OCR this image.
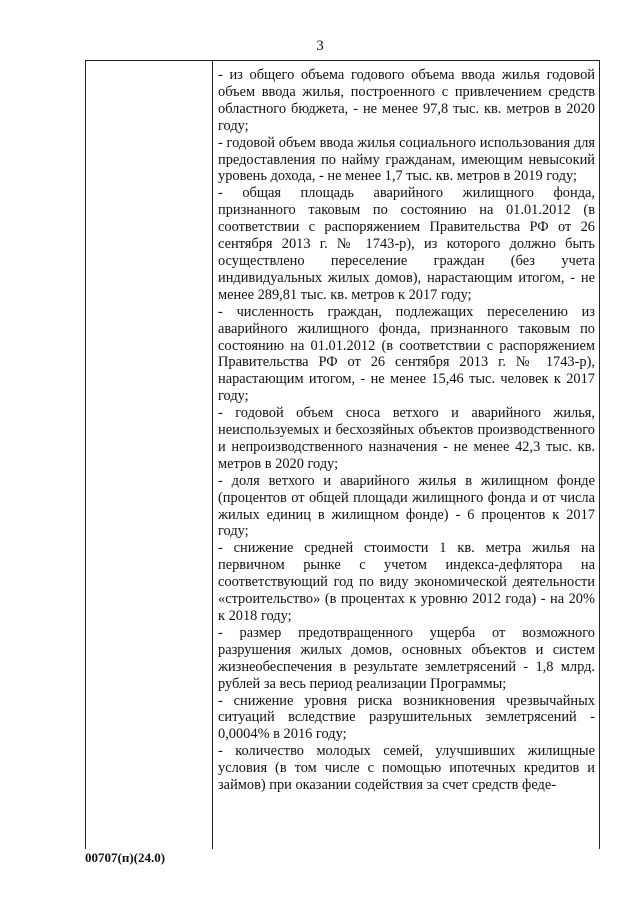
3

- из общего объема годового объема ввода жилья годовой объем ввода жилья, построенного с привлечением средств областного бюджета, - не менее 97,8 тыс. кв. метров в 2020 году;

- годовой объем ввода жилья социального использования для предоставления по найму гражданам, имеющим невысокий уровень дохода, - не менее 1,7 тыс. кв. метров в 2019 году;

- общая площадь аварийного жилищного фонда, признанного таковым по состоянию на 01.01.2012 (в соответствии с распоряжением Правительства РФ от 26 сентября 2013 г. № 1743-р), из которого должно быть осуществлено переселение граждан (без учета индивидуальных жилых домов), нарастающим итогом, - не менее 289,81 тыс. кв. метров к 2017 году;

- численность граждан, подлежащих переселению из аварийного жилищного фонда, признанного таковым по состоянию на 01.01.2012 (в соответствии с распоряжением Правительства РФ от 26 сентября 2013 г. № 1743-р), нарастающим итогом, - не менее 15,46 тыс. человек к 2017 году;

- годовой объем сноса ветхого и аварийного жилья, неиспользуемых и бесхозяйных объектов производственного и непроизводственного назначения - не менее 42,3 тыс. кв. метров в 2020 году;

- доля ветхого и аварийного жилья в жилищном фонде (процентов от общей площади жилищного фонда и от числа жилых единиц в жилищном фонде) - 6 процентов к 2017 году;

- снижение средней стоимости 1 кв. метра жилья на первичном рынке с учетом индекса-дефлятора на соответствующий год по виду экономической деятельности «строительство» (в процентах к уровню 2012 года) - на 20% к 2018 году;

- размер предотвращенного ущерба от возможного разрушения жилых домов, основных объектов и систем жизнеобеспечения в результате землетрясений - 1,8 млрд. рублей за весь период реализации Программы;

- снижение уровня риска возникновения чрезвычайных ситуаций вследствие разрушительных землетрясений - 0,0004% в 2016 году;

- количество молодых семей, улучшивших жилищные условия (в том числе с помощью ипотечных кредитов и займов) при оказании содействия за счет средств феде-

00707(п)(24.0)
